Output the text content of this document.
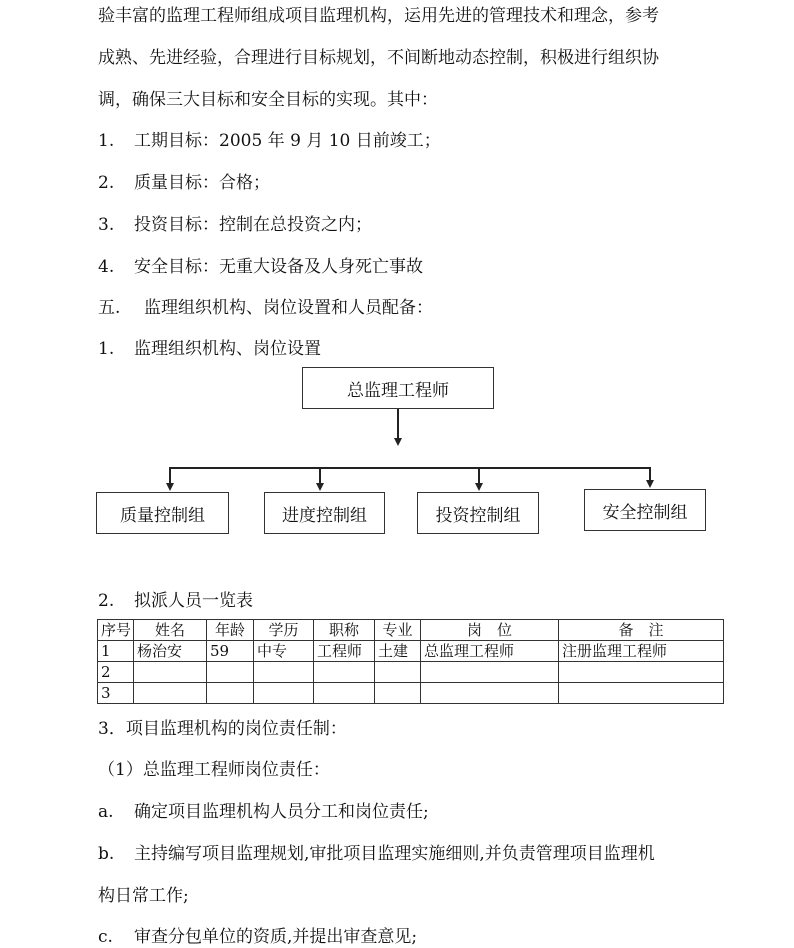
验丰富的监理工程师组成项目监理机构，运用先进的管理技术和理念，参考
成熟、先进经验，合理进行目标规划，不间断地动态控制，积极进行组织协
调，确保三大目标和安全目标的实现。其中：
1. 工期目标：2005 年 9 月 10 日前竣工；
2. 质量目标：合格；
3. 投资目标：控制在总投资之内；
4. 安全目标：无重大设备及人身死亡事故
五. 监理组织机构、岗位设置和人员配备：
1. 监理组织机构、岗位设置
总监理工程师
质量控制组	进度控制组	投资控制组	安全控制组
2. 拟派人员一览表
序号	姓名	年龄	学历	职称	专业	岗　位	备　注
1	杨治安	59	中专	工程师	土建	总监理工程师	注册监理工程师
2							
3							
3．项目监理机构的岗位责任制：
（1）总监理工程师岗位责任：
a. 确定项目监理机构人员分工和岗位责任;
b. 主持编写项目监理规划,审批项目监理实施细则,并负责管理项目监理机
构日常工作;
c. 审查分包单位的资质,并提出审查意见;
